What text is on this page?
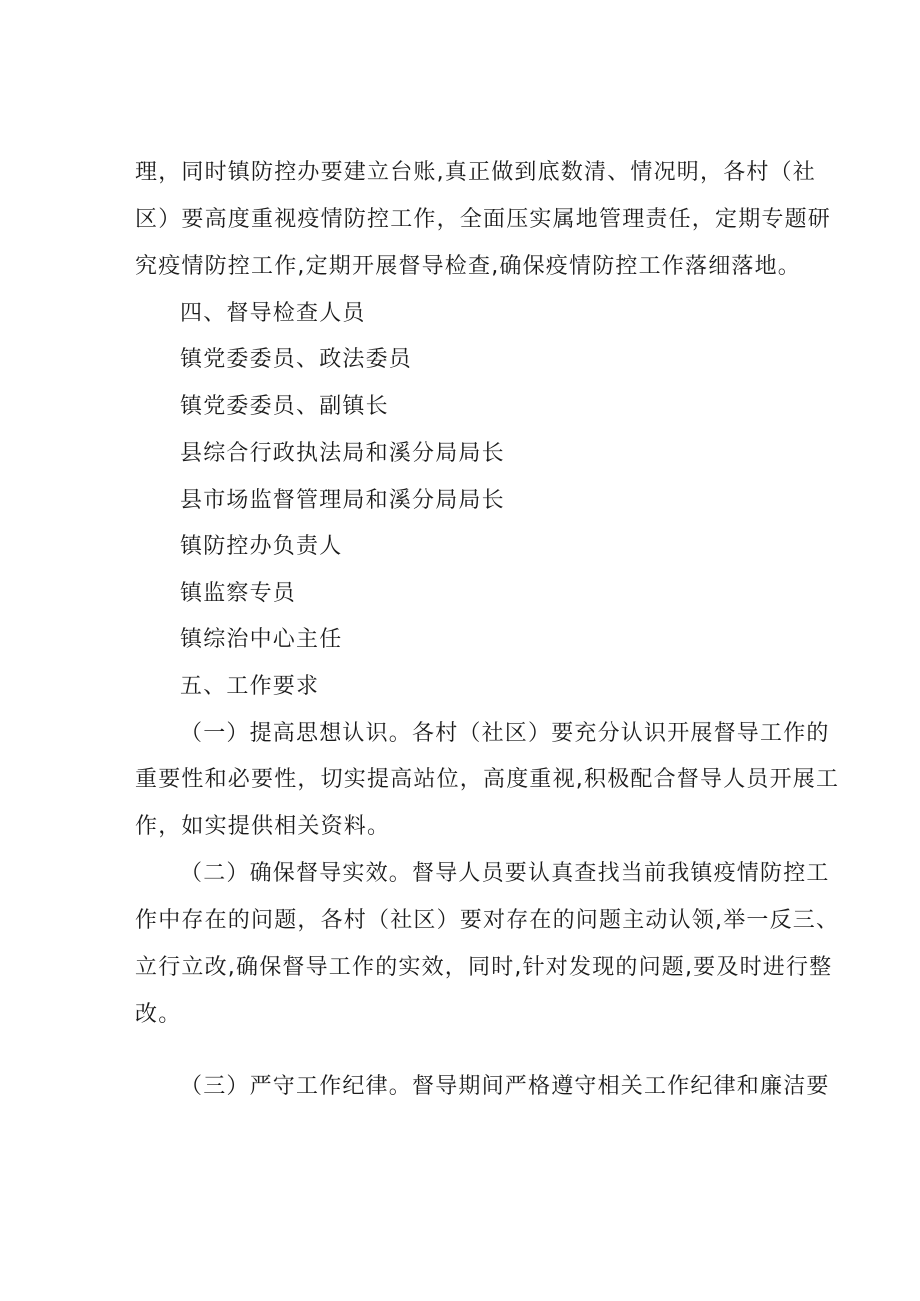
理，同时镇防控办要建立台账,真正做到底数清、情况明，各村（社
区）要高度重视疫情防控工作，全面压实属地管理责任，定期专题研
究疫情防控工作,定期开展督导检查,确保疫情防控工作落细落地。
四、督导检查人员
镇党委委员、政法委员
镇党委委员、副镇长
县综合行政执法局和溪分局局长
县市场监督管理局和溪分局局长
镇防控办负责人
镇监察专员
镇综治中心主任
五、工作要求
（一）提高思想认识。各村（社区）要充分认识开展督导工作的
重要性和必要性，切实提高站位，高度重视,积极配合督导人员开展工
作，如实提供相关资料。
（二）确保督导实效。督导人员要认真查找当前我镇疫情防控工
作中存在的问题，各村（社区）要对存在的问题主动认领,举一反三、
立行立改,确保督导工作的实效，同时,针对发现的问题,要及时进行整
改。
（三）严守工作纪律。督导期间严格遵守相关工作纪律和廉洁要
